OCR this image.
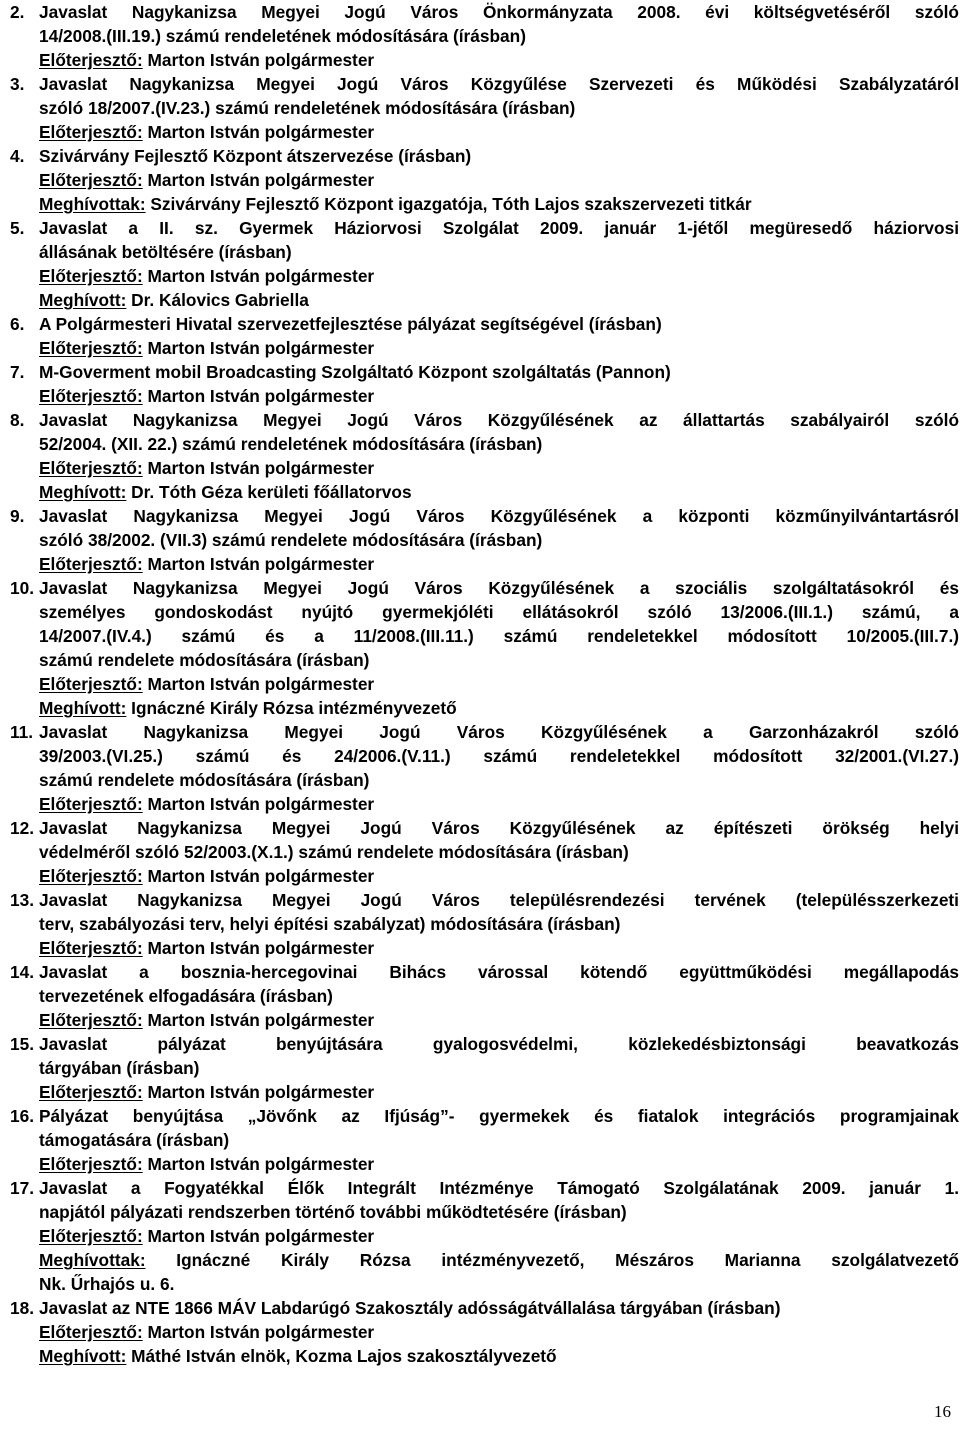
2. Javaslat Nagykanizsa Megyei Jogú Város Önkormányzata 2008. évi költségvetéséről szóló
14/2008.(III.19.) számú rendeletének módosítására (írásban)
Előterjesztő: Marton István polgármester
3. Javaslat Nagykanizsa Megyei Jogú Város Közgyűlése Szervezeti és Működési Szabályzatáról
szóló 18/2007.(IV.23.) számú rendeletének módosítására (írásban)
Előterjesztő: Marton István polgármester
4. Szivárvány Fejlesztő Központ átszervezése (írásban)
Előterjesztő: Marton István polgármester
Meghívottak: Szivárvány Fejlesztő Központ igazgatója, Tóth Lajos szakszervezeti titkár
5. Javaslat a II. sz. Gyermek Háziorvosi Szolgálat 2009. január 1-jétől megüresedő háziorvosi
állásának betöltésére (írásban)
Előterjesztő: Marton István polgármester
Meghívott: Dr. Kálovics Gabriella
6. A Polgármesteri Hivatal szervezetfejlesztése pályázat segítségével (írásban)
Előterjesztő: Marton István polgármester
7. M-Goverment mobil Broadcasting Szolgáltató Központ szolgáltatás (Pannon)
Előterjesztő: Marton István polgármester
8. Javaslat Nagykanizsa Megyei Jogú Város Közgyűlésének az állattartás szabályairól szóló
52/2004. (XII. 22.) számú rendeletének módosítására (írásban)
Előterjesztő: Marton István polgármester
Meghívott: Dr. Tóth Géza kerületi főállatorvos
9. Javaslat Nagykanizsa Megyei Jogú Város Közgyűlésének a központi közműnyilvántartásról
szóló 38/2002. (VII.3) számú rendelete módosítására (írásban)
Előterjesztő: Marton István polgármester
10. Javaslat Nagykanizsa Megyei Jogú Város Közgyűlésének a szociális szolgáltatásokról és
személyes gondoskodást nyújtó gyermekjóléti ellátásokról szóló 13/2006.(III.1.) számú, a
14/2007.(IV.4.) számú és a 11/2008.(III.11.) számú rendeletekkel módosított 10/2005.(III.7.)
számú rendelete módosítására (írásban)
Előterjesztő: Marton István polgármester
Meghívott: Ignáczné Király Rózsa intézményvezető
11. Javaslat Nagykanizsa Megyei Jogú Város Közgyűlésének a Garzonházakról szóló
39/2003.(VI.25.) számú és 24/2006.(V.11.) számú rendeletekkel módosított 32/2001.(VI.27.)
számú rendelete módosítására (írásban)
Előterjesztő: Marton István polgármester
12. Javaslat Nagykanizsa Megyei Jogú Város Közgyűlésének az építészeti örökség helyi
védelméről szóló 52/2003.(X.1.) számú rendelete módosítására (írásban)
Előterjesztő: Marton István polgármester
13. Javaslat Nagykanizsa Megyei Jogú Város településrendezési tervének (településszerkezeti
terv, szabályozási terv, helyi építési szabályzat) módosítására (írásban)
Előterjesztő: Marton István polgármester
14. Javaslat a bosznia-hercegovinai Bihács várossal kötendő együttműködési megállapodás
tervezetének elfogadására (írásban)
Előterjesztő: Marton István polgármester
15. Javaslat pályázat benyújtására gyalogosvédelmi, közlekedésbiztonsági beavatkozás
tárgyában (írásban)
Előterjesztő: Marton István polgármester
16. Pályázat benyújtása „Jövőnk az Ifjúság”- gyermekek és fiatalok integrációs programjainak
támogatására (írásban)
Előterjesztő: Marton István polgármester
17. Javaslat a Fogyatékkal Élők Integrált Intézménye Támogató Szolgálatának 2009. január 1.
napjától pályázati rendszerben történő további működtetésére (írásban)
Előterjesztő: Marton István polgármester
Meghívottak: Ignáczné Király Rózsa intézményvezető, Mészáros Marianna szolgálatvezető
Nk. Űrhajós u. 6.
18. Javaslat az NTE 1866 MÁV Labdarúgó Szakosztály adósságátvállalása tárgyában (írásban)
Előterjesztő: Marton István polgármester
Meghívott: Máthé István elnök, Kozma Lajos szakosztályvezető
16
